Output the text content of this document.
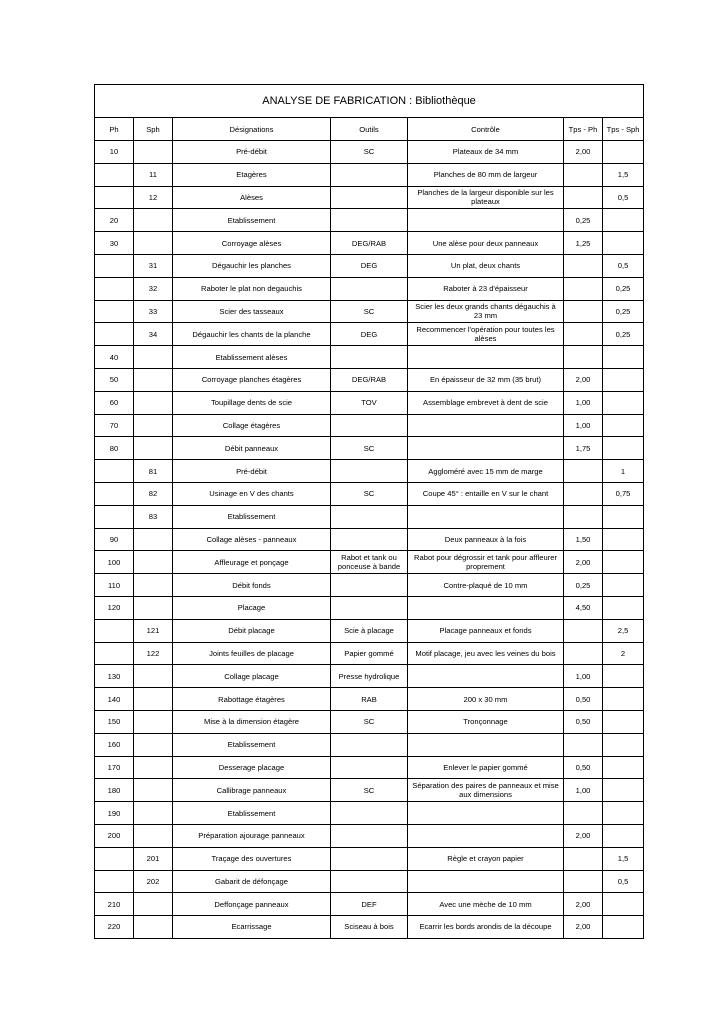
ANALYSE DE FABRICATION : Bibliothèque						
Ph	Sph	Désignations	Outils	Contrôle	Tps - Ph	Tps - Sph
10		Pré-débit	SC	Plateaux de 34 mm	2,00	
	11	Etagères		Planches de 80 mm de largeur		1,5
	12	Alèses		Planches de la largeur disponible sur les plateaux		0,5
20		Etablissement			0,25	
30		Corroyage alèses	DEG/RAB	Une alèse pour deux panneaux	1,25	
	31	Dégauchir les planches	DEG	Un plat, deux chants		0,5
	32	Raboter le plat non degauchis		Raboter à 23 d'épaisseur		0,25
	33	Scier des tasseaux	SC	Scier les deux grands chants dégauchis à 23 mm		0,25
	34	Dégauchir les chants de la planche	DEG	Recommencer l'opération pour toutes les alèses		0,25
40		Etablissement alèses				
50		Corroyage planches étagères	DEG/RAB	En épaisseur de 32 mm (35 brut)	2,00	
60		Toupillage dents de scie	TOV	Assemblage embrevet à dent de scie	1,00	
70		Collage étagères			1,00	
80		Débit panneaux	SC		1,75	
	81	Pré-débit		Aggloméré avec 15 mm de marge		1
	82	Usinage en V des chants	SC	Coupe 45° : entaille en V sur le chant		0,75
	83	Etablissement				
90		Collage alèses - panneaux		Deux panneaux à la fois	1,50	
100		Affleurage et ponçage	Rabot et tank ou ponceuse à bande	Rabot pour dégrossir et tank pour affleurer proprement	2,00	
110		Débit fonds		Contre-plaqué de 10 mm	0,25	
120		Placage			4,50	
	121	Débit placage	Scie à placage	Placage panneaux et fonds		2,5
	122	Joints feuilles de placage	Papier gommé	Motif placage, jeu avec les veines du bois		2
130		Collage placage	Presse hydrolique		1,00	
140		Rabottage étagères	RAB	200 x 30 mm	0,50	
150		Mise à la dimension étagère	SC	Tronçonnage	0,50	
160		Etablissement				
170		Desserage placage		Enlever le papier gommé	0,50	
180		Callibrage panneaux	SC	Séparation des paires de panneaux et mise aux dimensions	1,00	
190		Etablissement				
200		Préparation ajourage panneaux			2,00	
	201	Traçage des ouvertures		Règle et crayon papier		1,5
	202	Gabarit de défonçage				0,5
210		Deffonçage panneaux	DEF	Avec une mèche de 10 mm	2,00	
220		Ecarrissage	Sciseau à bois	Ecarrir les bords arondis de la découpe	2,00	
